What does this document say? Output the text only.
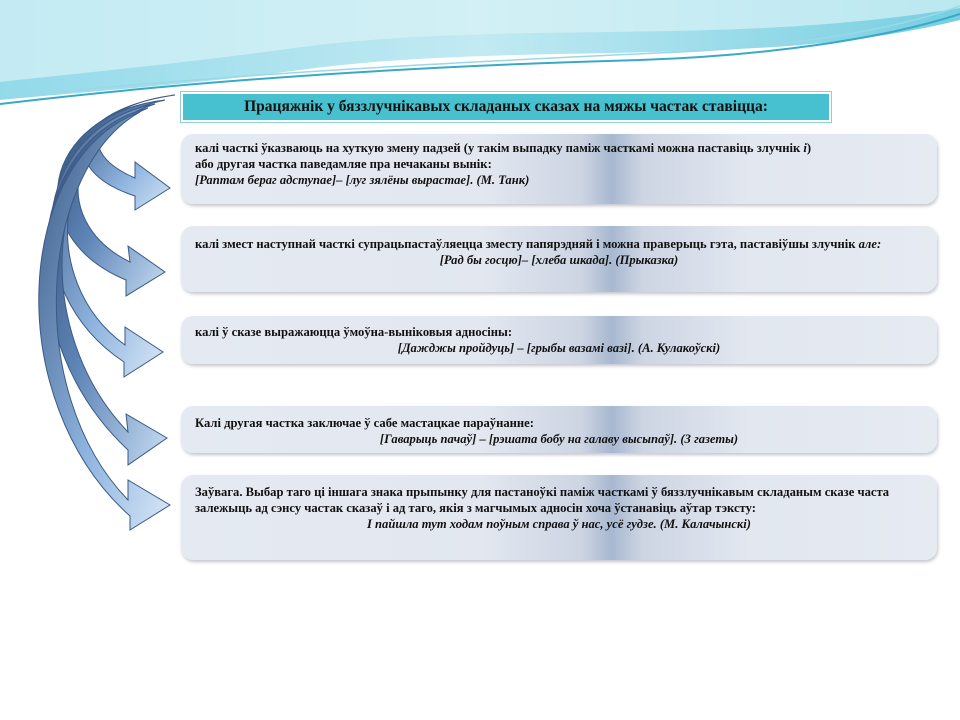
Працяжнік у бяззлучнікавых складаных сказах на мяжы частак ставіцца:
калі часткі ўказваюць на хуткую змену падзей (у такім выпадку паміж часткамі можна паставіць злучнік і)
або другая частка паведамляе пра нечаканы вынік:
[Раптам бераг адступае]– [луг зялёны вырастае]. (М. Танк)
калі змест наступнай часткі супрацьпастаўляецца зместу папярэдняй і можна праверыць гэта, паставіўшы злучнік але:
[Рад бы госцю]– [хлеба шкада]. (Прыказка)
калі ў сказе выражаюцца ўмоўна-выніковыя адносіны:
[Дажджы пройдуць] – [грыбы вазамі вазі]. (А. Кулакоўскі)
Калі другая частка заключае ў сабе мастацкае параўнанне:
[Гаварыць пачаў] – [рэшата бобу на галаву высыпаў]. (З газеты)
Заўвага. Выбар таго ці іншага знака прыпынку для пастаноўкі паміж часткамі ў бяззлучнікавым складаным сказе часта залежыць ад сэнсу частак сказаў і ад таго, якія з магчымых адносін хоча ўстанавіць аўтар тэксту:
І пайшла тут ходам поўным справа ў нас, усё гудзе. (М. Калачынскі)
